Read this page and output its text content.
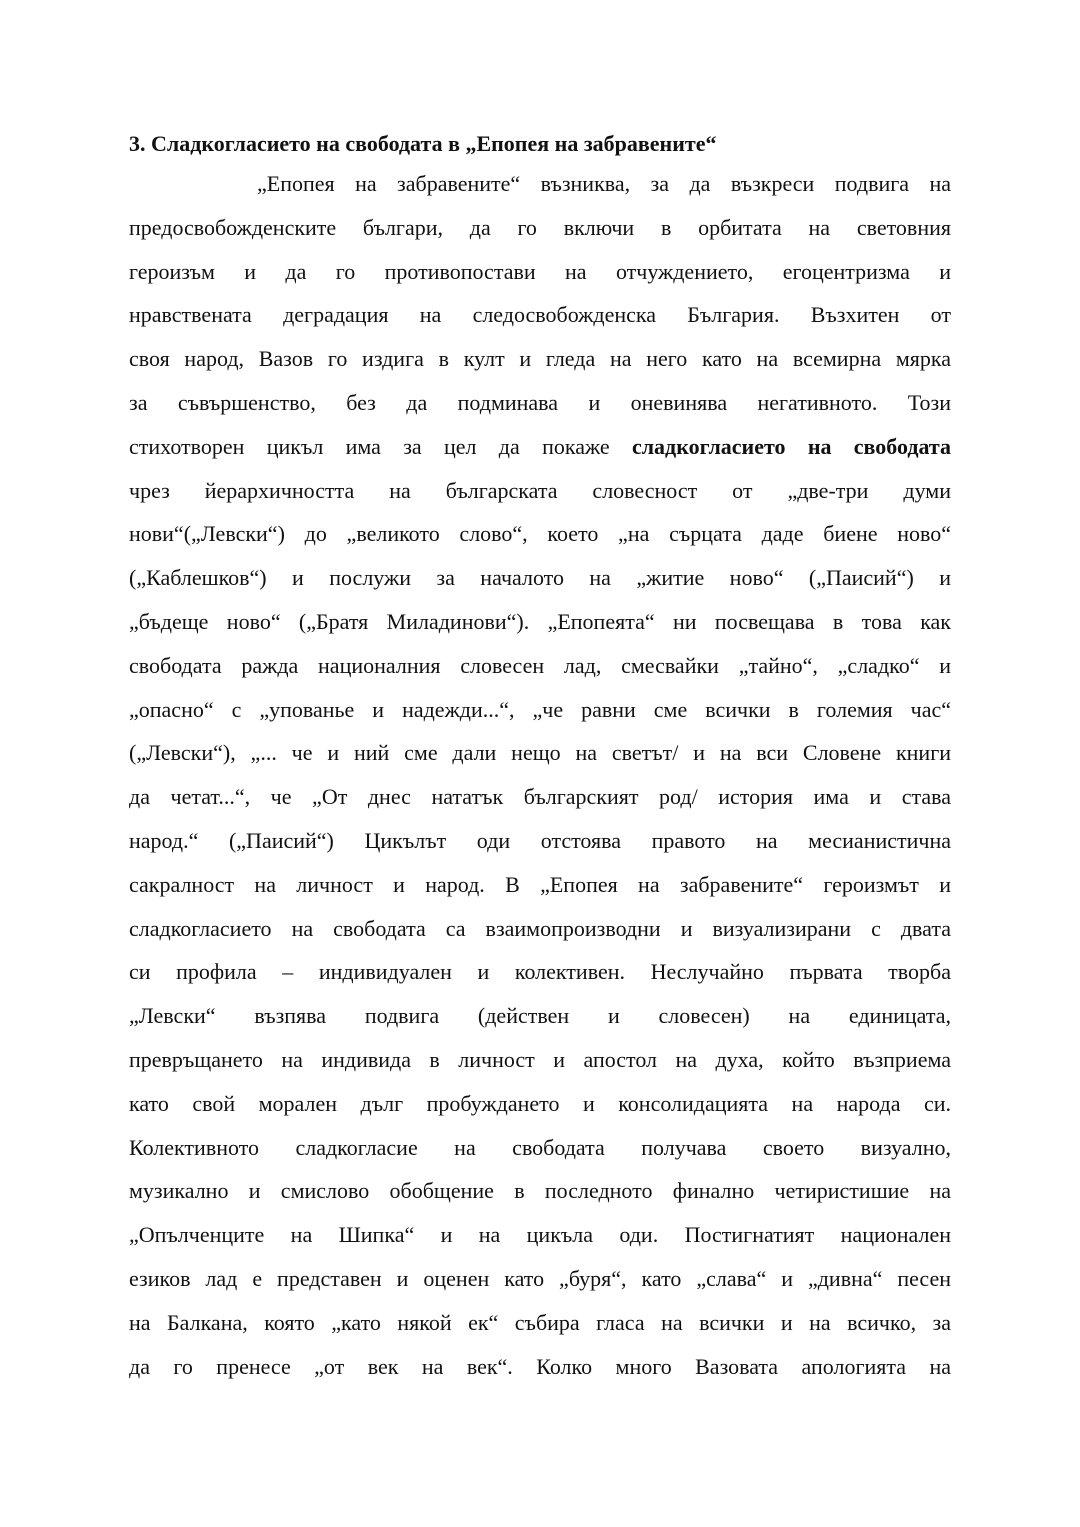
3. Сладкогласието на свободата в „Епопея на забравените“
„Епопея на забравените“ възниква, за да възкреси подвига на
предосвобожденските българи, да го включи в орбитата на световния
героизъм и да го противопостави на отчуждението, егоцентризма и
нравствената деградация на следосвобожденска България. Възхитен от
своя народ, Вазов го издига в култ и гледа на него като на всемирна мярка
за съвършенство, без да подминава и оневинява негативното. Този
стихотворен цикъл има за цел да покаже сладкогласието на свободата
чрез йерархичността на българската словесност от „две-три думи
нови“(„Левски“) до „великото слово“, което „на сърцата даде биене ново“
(„Каблешков“) и послужи за началото на „житие ново“ („Паисий“) и
„бъдеще ново“ („Братя Миладинови“). „Епопеята“ ни посвещава в това как
свободата ражда националния словесен лад, смесвайки „тайно“, „сладко“ и
„опасно“ с „упованье и надежди...“, „че равни сме всички в големия час“
(„Левски“), „... че и ний сме дали нещо на светът/ и на вси Словене книги
да четат...“, че „От днес нататък българският род/ история има и става
народ.“ („Паисий“) Цикълът оди отстоява правото на месианистична
сакралност на личност и народ. В „Епопея на забравените“ героизмът и
сладкогласието на свободата са взаимопроизводни и визуализирани с двата
си профила – индивидуален и колективен. Неслучайно първата творба
„Левски“ възпява подвига (действен и словесен) на единицата,
превръщането на индивида в личност и апостол на духа, който възприема
като свой морален дълг пробуждането и консолидацията на народа си.
Колективното сладкогласие на свободата получава своето визуално,
музикално и смислово обобщение в последното финално четиристишие на
„Опълченците на Шипка“ и на цикъла оди. Постигнатият национален
езиков лад е представен и оценен като „буря“, като „слава“ и „дивна“ песен
на Балкана, която „като някой ек“ събира гласа на всички и на всичко, за
да го пренесе „от век на век“. Колко много Вазовата апологията на
